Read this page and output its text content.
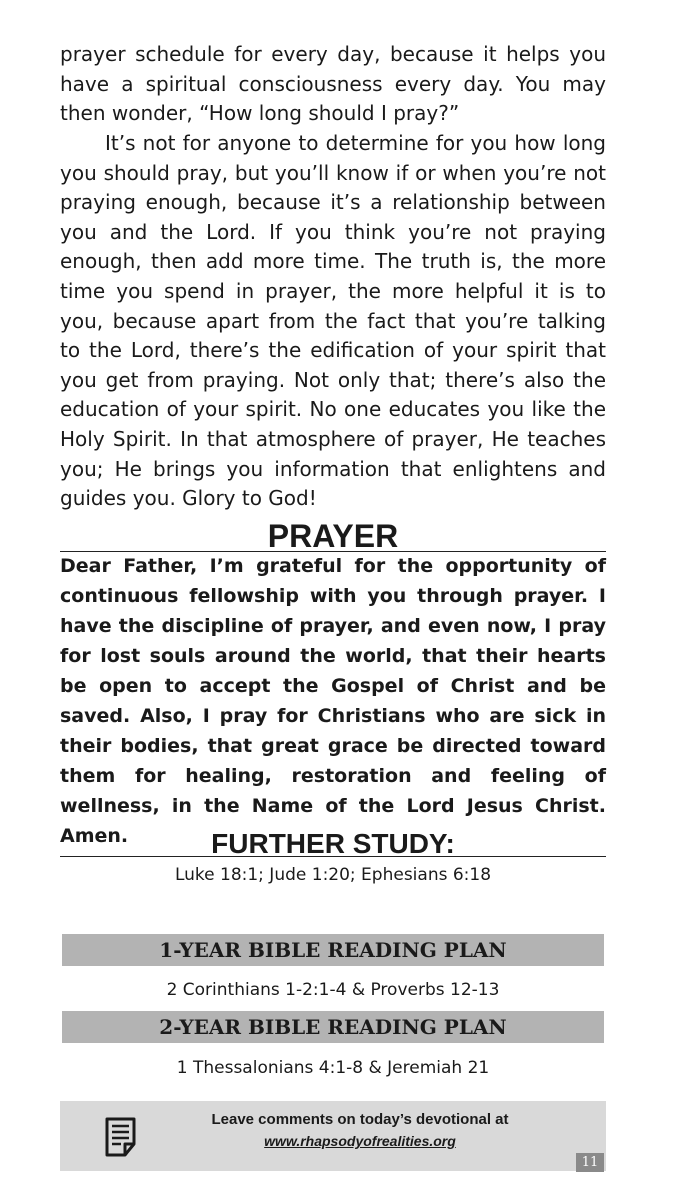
prayer schedule for every day, because it helps you have a spiritual consciousness every day. You may then wonder, “How long should I pray?”

It’s not for anyone to determine for you how long you should pray, but you’ll know if or when you’re not praying enough, because it’s a relationship between you and the Lord. If you think you’re not praying enough, then add more time. The truth is, the more time you spend in prayer, the more helpful it is to you, because apart from the fact that you’re talking to the Lord, there’s the edification of your spirit that you get from praying. Not only that; there’s also the education of your spirit. No one educates you like the Holy Spirit. In that atmosphere of prayer, He teaches you; He brings you information that enlightens and guides you. Glory to God!

PRAYER

Dear Father, I’m grateful for the opportunity of continuous fellowship with you through prayer. I have the discipline of prayer, and even now, I pray for lost souls around the world, that their hearts be open to accept the Gospel of Christ and be saved. Also, I pray for Christians who are sick in their bodies, that great grace be directed toward them for healing, restoration and feeling of wellness, in the Name of the Lord Jesus Christ. Amen.	FURTHER STUDY:
Luke 18:1; Jude 1:20; Ephesians 6:18
1-YEAR BIBLE READING PLAN
2 Corinthians 1-2:1-4 & Proverbs 12-13
2-YEAR BIBLE READING PLAN
1 Thessalonians 4:1-8 & Jeremiah 21
Leave comments on today’s devotional at
www.rhapsodyofrealities.org
11
